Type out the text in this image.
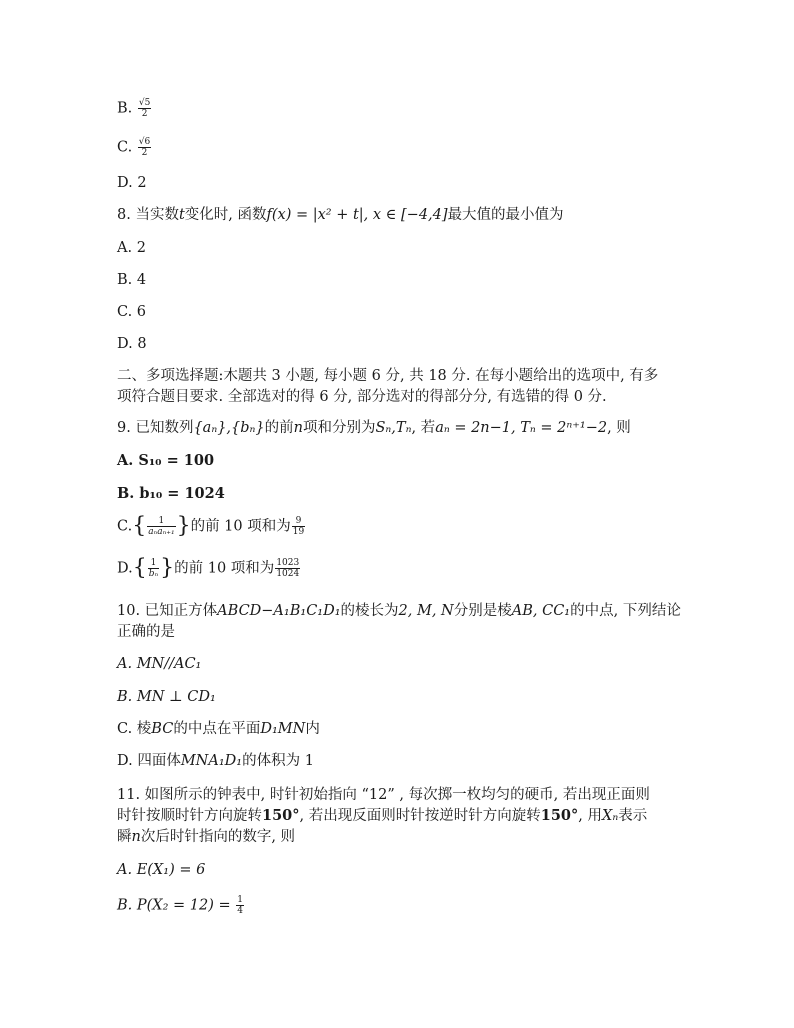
B. $\frac{√5}{2}$
C. $\frac{√6}{2}$
D. 2
8. 当实数t变化时, 函数f(x) = |x² + t|, x ∈ [−4,4]最大值的最小值为
A. 2
B. 4
C. 6
D. 8
二、多项选择题:木题共 3 小题, 每小题 6 分, 共 18 分. 在每小题给出的选项中, 有多
项符合题目要求. 全部选对的得 6 分, 部分选对的得部分分, 有选错的得 0 分.
9. 已知数列{aₙ},{bₙ}的前n项和分别为Sₙ,Tₙ, 若aₙ = 2n−1, Tₙ = 2ⁿ⁺¹−2, 则
A. S₁₀ = 100
B. b₁₀ = 1024
$C.\{ \frac{1}{\text{aₙaₙ₊₁}}$ }的前 10 项和为 $\frac{9}{19}$
$D.\{ \frac{1}{\text{bₙ}}$ }的前 10 项和为 $\frac{1023}{1024}$
10. 已知正方体ABCD−A₁B₁C₁D₁的棱长为2, M, N分别是棱AB, CC₁的中点, 下列结论
正确的是
A. MN//AC₁
B. MN ⊥ CD₁
C. 棱BC的中点在平面D₁MN内
D. 四面体MNA₁D₁的体积为 1
11. 如图所示的钟表中, 时针初始指向 “12” , 每次掷一枚均匀的硬币, 若出现正面则
时针按顺时针方向旋转150°, 若出现反面则时针按逆时针方向旋转150°, 用Xₙ表示
瞬n次后时针指向的数字, 则
A. E(X₁) = 6
B. $P(X_2 = 12) = \frac{1}{4}$
